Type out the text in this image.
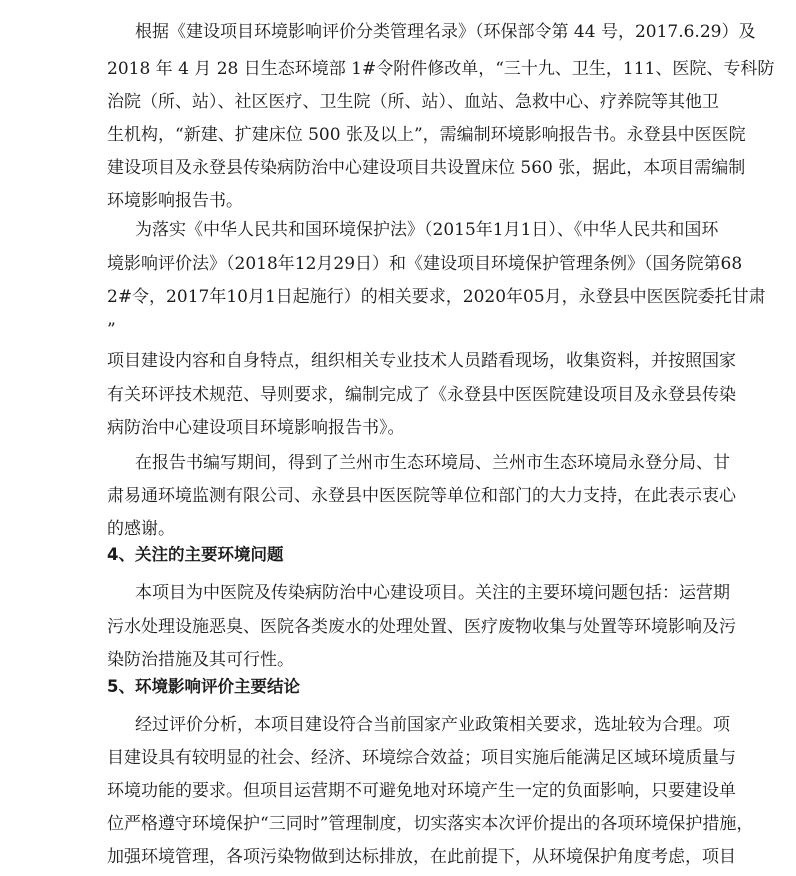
根据《建设项目环境影响评价分类管理名录》（环保部令第 44 号，2017.6.29）及
2018 年 4 月 28 日生态环境部 1#令附件修改单，“三十九、卫生，111、医院、专科防
治院（所、站）、社区医疗、卫生院（所、站）、血站、急救中心、疗养院等其他卫
生机构，“新建、扩建床位 500 张及以上”，需编制环境影响报告书。永登县中医医院
建设项目及永登县传染病防治中心建设项目共设置床位 560 张，据此，本项目需编制
环境影响报告书。
为落实《中华人民共和国环境保护法》（2015年1月1日）、《中华人民共和国环
境影响评价法》（2018年12月29日）和《建设项目环境保护管理条例》（国务院第68
2#令，2017年10月1日起施行）的相关要求，2020年05月，永登县中医医院委托甘肃
”
项目建设内容和自身特点，组织相关专业技术人员踏看现场，收集资料，并按照国家
有关环评技术规范、导则要求，编制完成了《永登县中医医院建设项目及永登县传染
病防治中心建设项目环境影响报告书》。
在报告书编写期间，得到了兰州市生态环境局、兰州市生态环境局永登分局、甘
肃易通环境监测有限公司、永登县中医医院等单位和部门的大力支持，在此表示衷心
的感谢。
4、关注的主要环境问题
本项目为中医院及传染病防治中心建设项目。关注的主要环境问题包括：运营期
污水处理设施恶臭、医院各类废水的处理处置、医疗废物收集与处置等环境影响及污
染防治措施及其可行性。
5、环境影响评价主要结论
经过评价分析，本项目建设符合当前国家产业政策相关要求，选址较为合理。项
目建设具有较明显的社会、经济、环境综合效益；项目实施后能满足区域环境质量与
环境功能的要求。但项目运营期不可避免地对环境产生一定的负面影响，只要建设单
位严格遵守环境保护“三同时”管理制度，切实落实本次评价提出的各项环境保护措施，
加强环境管理，各项污染物做到达标排放，在此前提下，从环境保护角度考虑，项目
